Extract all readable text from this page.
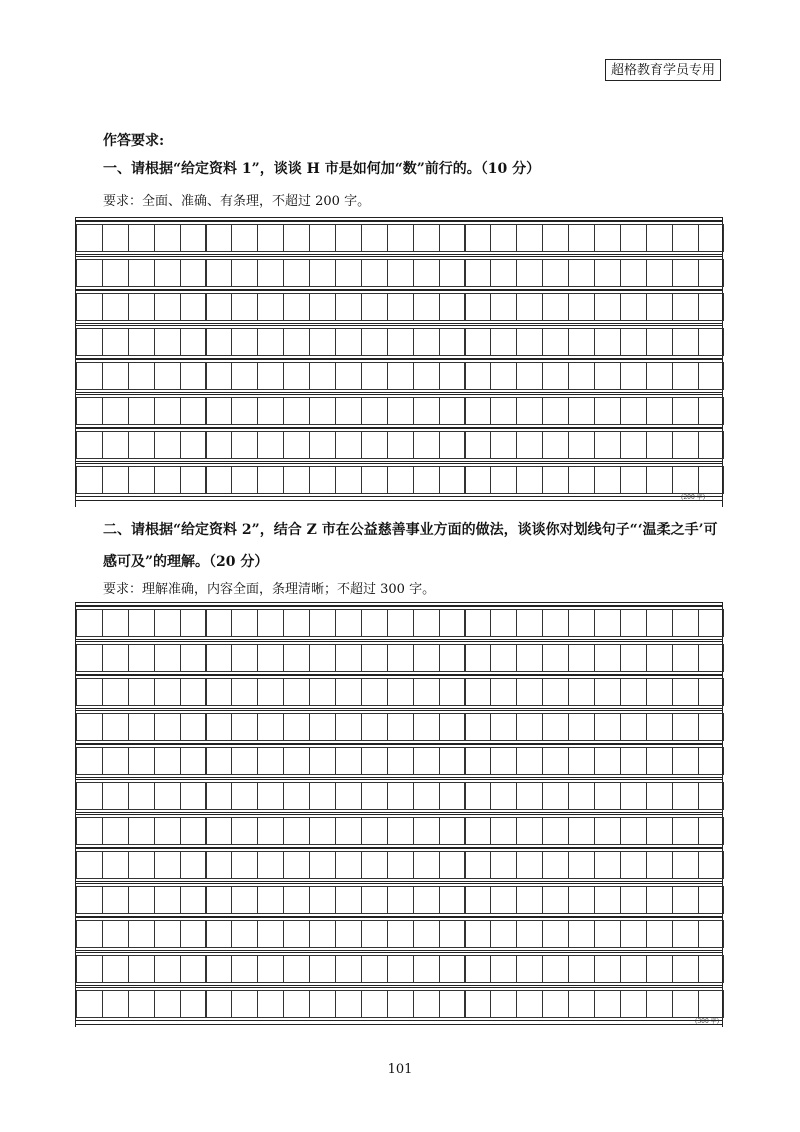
超格教育学员专用
作答要求:
一、请根据“给定资料 1”，谈谈 H 市是如何加“数”前行的。（10 分）
要求：全面、准确、有条理，不超过 200 字。
(200 字)
二、请根据“给定资料 2”，结合 Z 市在公益慈善事业方面的做法，谈谈你对划线句子“‘温柔之手’可
感可及”的理解。（20 分）
要求：理解准确，内容全面，条理清晰；不超过 300 字。
(300 字)
101
